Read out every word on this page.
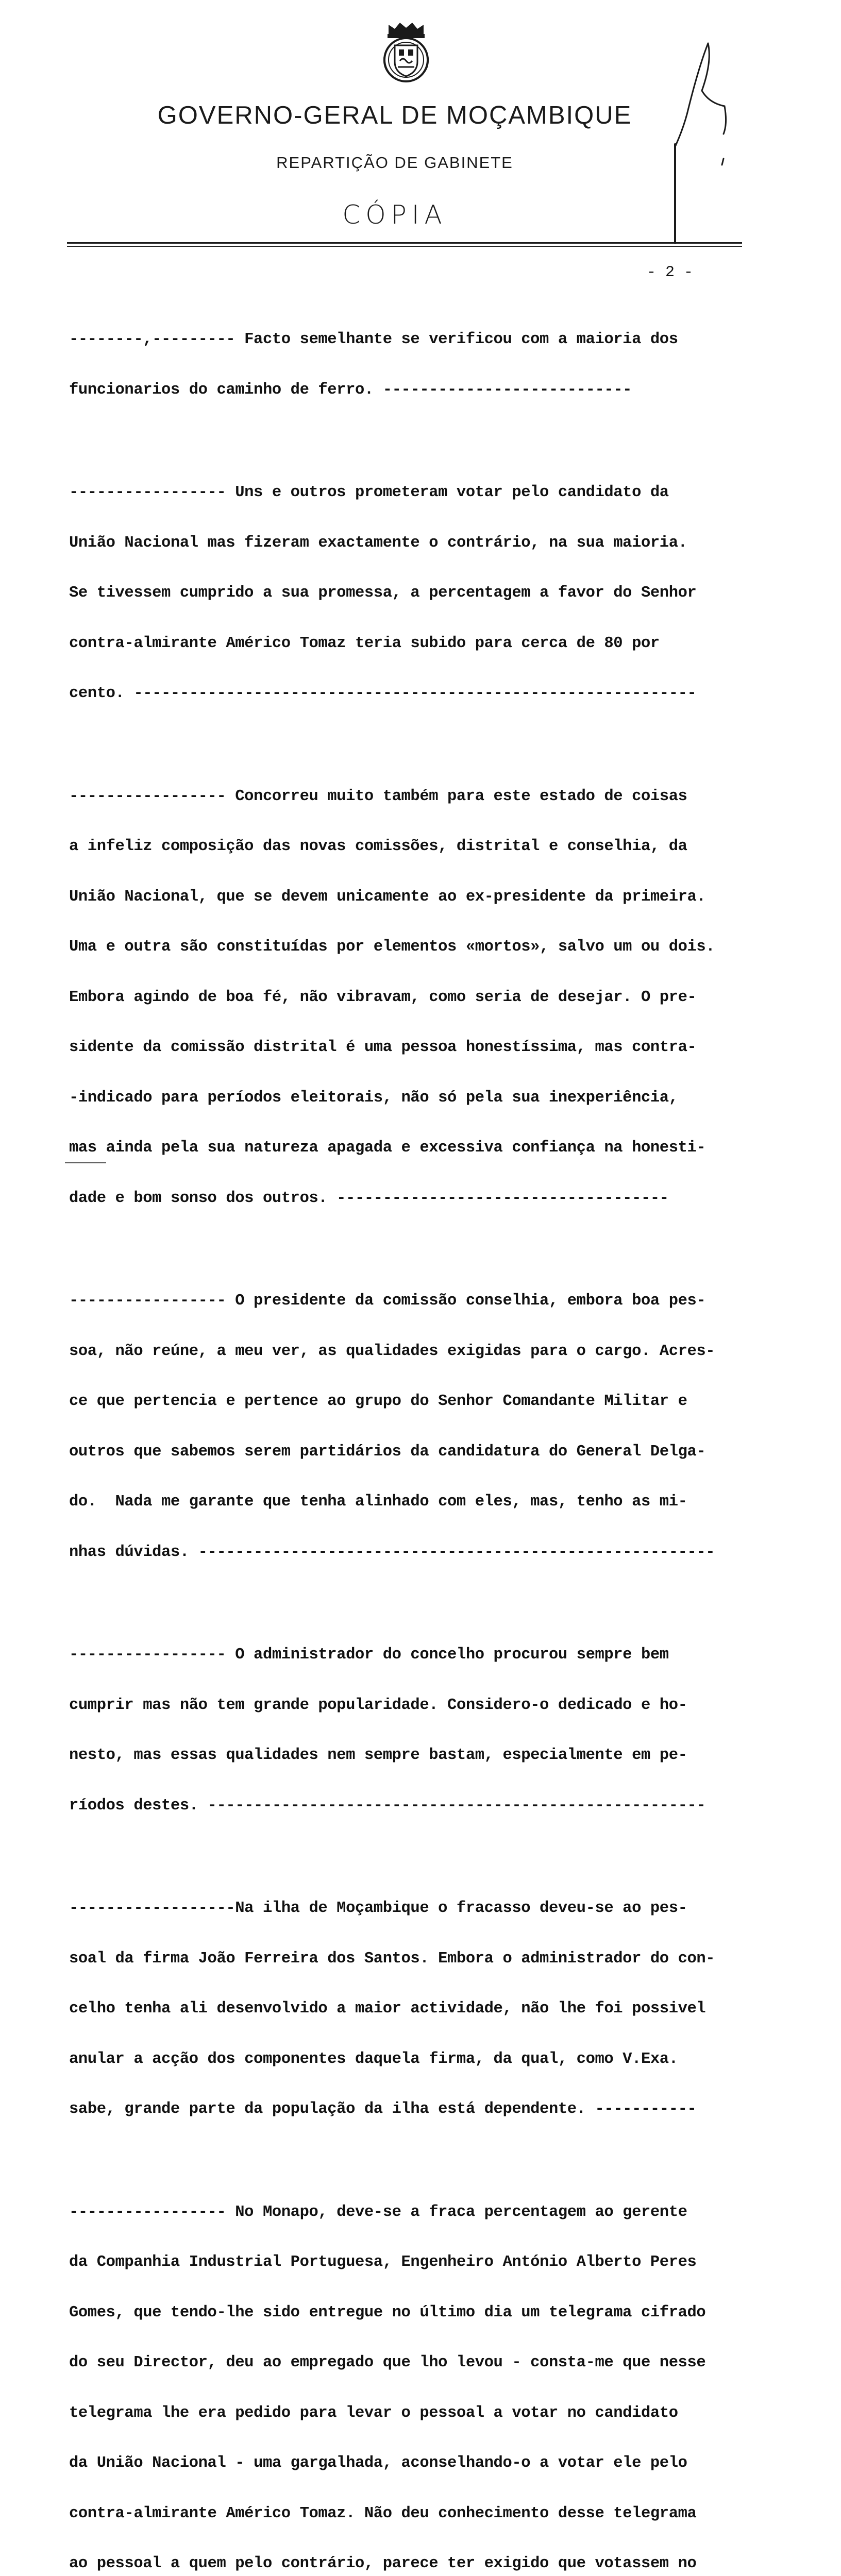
GOVERNO-GERAL DE MOÇAMBIQUE
REPARTIÇÃO DE GABINETE
CÓPIA
- 2 -

--------,--------- Facto semelhante se verificou com a maioria dos

funcionarios do caminho de ferro. ---------------------------

----------------- Uns e outros prometeram votar pelo candidato da

União Nacional mas fizeram exactamente o contrário, na sua maioria.

Se tivessem cumprido a sua promessa, a percentagem a favor do Senhor

contra-almirante Américo Tomaz teria subido para cerca de 80 por

cento. -------------------------------------------------------------

----------------- Concorreu muito também para este estado de coisas

a infeliz composição das novas comissões, distrital e conselhia, da

União Nacional, que se devem unicamente ao ex-presidente da primeira.

Uma e outra são constituídas por elementos «mortos», salvo um ou dois.

Embora agindo de boa fé, não vibravam, como seria de desejar. O pre-

sidente da comissão distrital é uma pessoa honestíssima, mas contra-

-indicado para períodos eleitorais, não só pela sua inexperiência,

mas ainda pela sua natureza apagada e excessiva confiança na honesti-

dade e bom sonso dos outros. ------------------------------------

----------------- O presidente da comissão conselhia, embora boa pes-

soa, não reúne, a meu ver, as qualidades exigidas para o cargo. Acres-

ce que pertencia e pertence ao grupo do Senhor Comandante Militar e

outros que sabemos serem partidários da candidatura do General Delga-

do.  Nada me garante que tenha alinhado com eles, mas, tenho as mi-

nhas dúvidas. --------------------------------------------------------

----------------- O administrador do concelho procurou sempre bem

cumprir mas não tem grande popularidade. Considero-o dedicado e ho-

nesto, mas essas qualidades nem sempre bastam, especialmente em pe-

ríodos destes. ------------------------------------------------------

------------------Na ilha de Moçambique o fracasso deveu-se ao pes-

soal da firma João Ferreira dos Santos. Embora o administrador do con-

celho tenha ali desenvolvido a maior actividade, não lhe foi possivel

anular a acção dos componentes daquela firma, da qual, como V.Exa.

sabe, grande parte da população da ilha está dependente. -----------

----------------- No Monapo, deve-se a fraca percentagem ao gerente

da Companhia Industrial Portuguesa, Engenheiro António Alberto Peres

Gomes, que tendo-lhe sido entregue no último dia um telegrama cifrado

do seu Director, deu ao empregado que lho levou - consta-me que nesse

telegrama lhe era pedido para levar o pessoal a votar no candidato

da União Nacional - uma gargalhada, aconselhando-o a votar ele pelo

contra-almirante Américo Tomaz. Não deu conhecimento desse telegrama

ao pessoal a quem pelo contrário, parece ter exigido que votassem no
